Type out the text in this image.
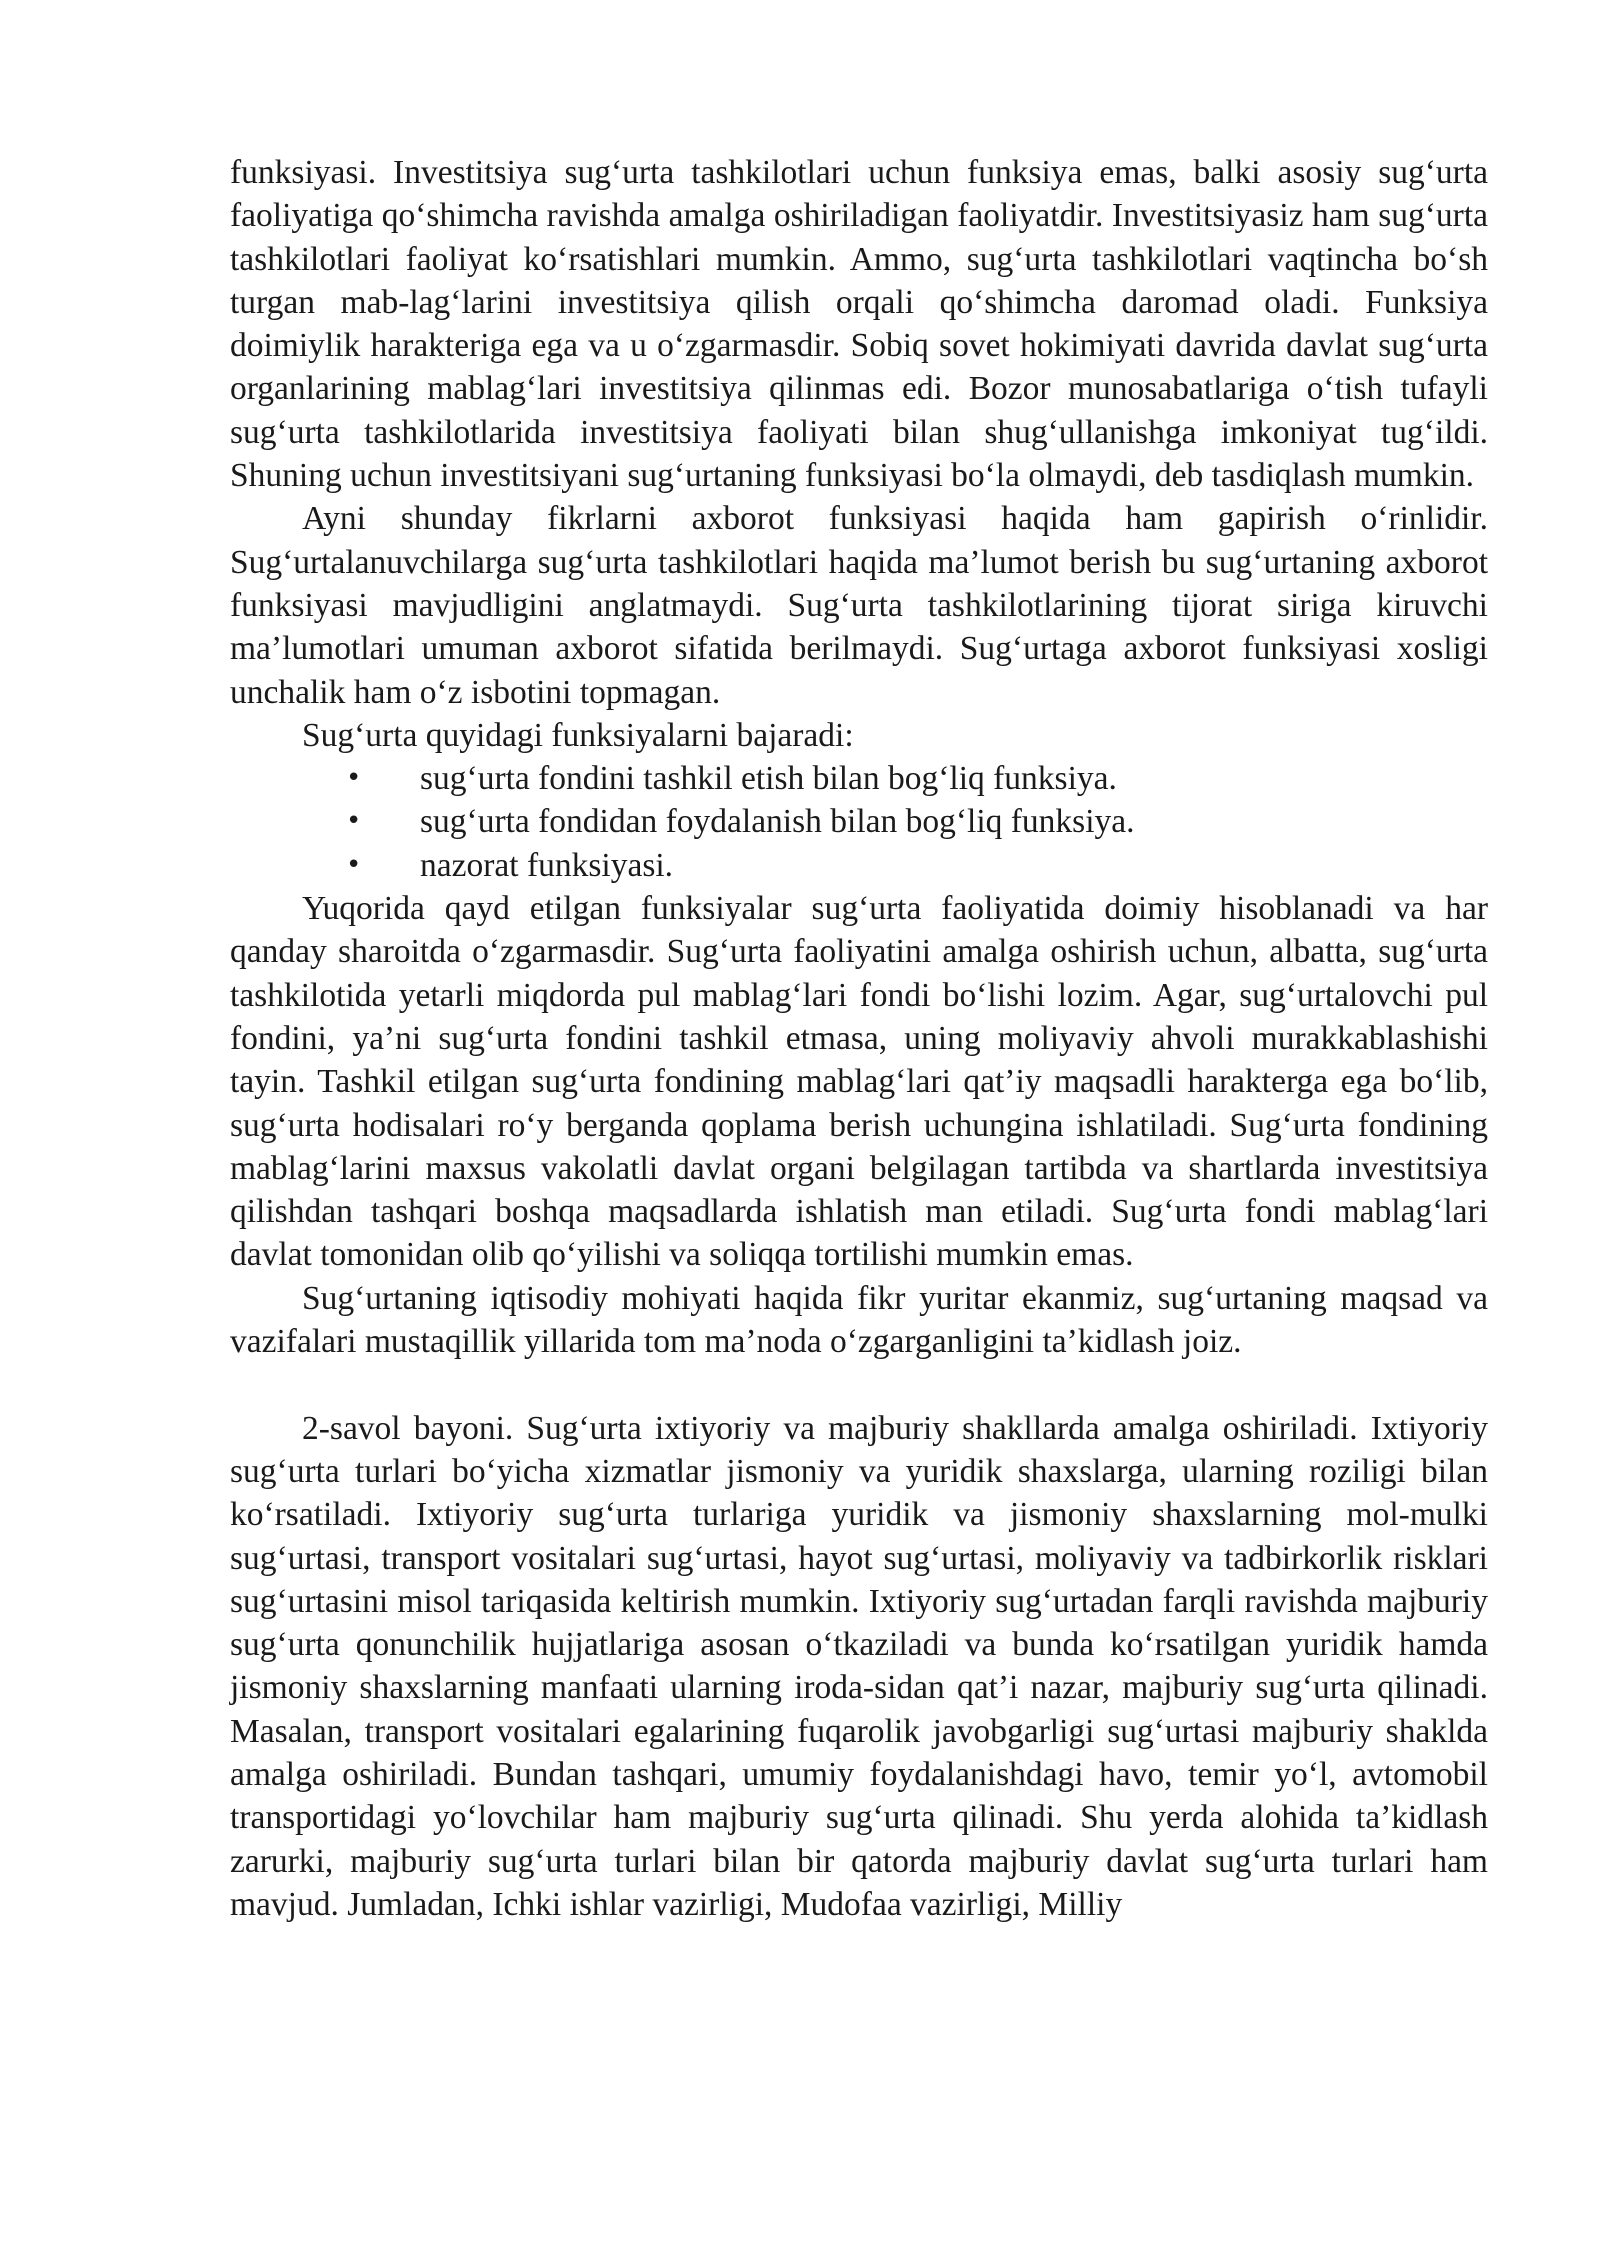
funksiyasi. Investitsiya sug‘urta tashkilotlari uchun funksiya emas, balki asosiy sug‘urta faoliyatiga qo‘shimcha ravishda amalga oshiriladigan faoliyatdir. Investitsiyasiz ham sug‘urta tashkilotlari faoliyat ko‘rsatishlari mumkin. Ammo, sug‘urta tashkilotlari vaqtincha bo‘sh turgan mab-lag‘larini investitsiya qilish orqali qo‘shimcha daromad oladi. Funksiya doimiylik harakteriga ega va u o‘zgarmasdir. Sobiq sovet hokimiyati davrida davlat sug‘urta organlarining mablag‘lari investitsiya qilinmas edi. Bozor munosabatlariga o‘tish tufayli sug‘urta tashkilotlarida investitsiya faoliyati bilan shug‘ullanishga imkoniyat tug‘ildi. Shuning uchun investitsiyani sug‘urtaning funksiyasi bo‘la olmaydi, deb tasdiqlash mumkin.

Ayni shunday fikrlarni axborot funksiyasi haqida ham gapirish o‘rinlidir. Sug‘urtalanuvchilarga sug‘urta tashkilotlari haqida ma’lumot berish bu sug‘urtaning axborot funksiyasi mavjudligini anglatmaydi. Sug‘urta tashkilotlarining tijorat siriga kiruvchi ma’lumotlari umuman axborot sifatida berilmaydi. Sug‘urtaga axborot funksiyasi xosligi unchalik ham o‘z isbotini topmagan.

Sug‘urta quyidagi funksiyalarni bajaradi:

• sug‘urta fondini tashkil etish bilan bog‘liq funksiya.
• sug‘urta fondidan foydalanish bilan bog‘liq funksiya.
• nazorat funksiyasi.

Yuqorida qayd etilgan funksiyalar sug‘urta faoliyatida doimiy hisoblanadi va har qanday sharoitda o‘zgarmasdir. Sug‘urta faoliyatini amalga oshirish uchun, albatta, sug‘urta tashkilotida yetarli miqdorda pul mablag‘lari fondi bo‘lishi lozim. Agar, sug‘urtalovchi pul fondini, ya’ni sug‘urta fondini tashkil etmasa, uning moliyaviy ahvoli murakkablashishi tayin. Tashkil etilgan sug‘urta fondining mablag‘lari qat’iy maqsadli harakterga ega bo‘lib, sug‘urta hodisalari ro‘y berganda qoplama berish uchungina ishlatiladi. Sug‘urta fondining mablag‘larini maxsus vakolatli davlat organi belgilagan tartibda va shartlarda investitsiya qilishdan tashqari boshqa maqsadlarda ishlatish man etiladi. Sug‘urta fondi mablag‘lari davlat tomonidan olib qo‘yilishi va soliqqa tortilishi mumkin emas.

Sug‘urtaning iqtisodiy mohiyati haqida fikr yuritar ekanmiz, sug‘urtaning maqsad va vazifalari mustaqillik yillarida tom ma’noda o‘zgarganligini ta’kidlash joiz.

2-savol bayoni. Sug‘urta ixtiyoriy va majburiy shakllarda amalga oshiriladi. Ixtiyoriy sug‘urta turlari bo‘yicha xizmatlar jismoniy va yuridik shaxslarga, ularning roziligi bilan ko‘rsatiladi. Ixtiyoriy sug‘urta turlariga yuridik va jismoniy shaxslarning mol-mulki sug‘urtasi, transport vositalari sug‘urtasi, hayot sug‘urtasi, moliyaviy va tadbirkorlik risklari sug‘urtasini misol tariqasida keltirish mumkin. Ixtiyoriy sug‘urtadan farqli ravishda majburiy sug‘urta qonunchilik hujjatlariga asosan o‘tkaziladi va bunda ko‘rsatilgan yuridik hamda jismoniy shaxslarning manfaati ularning iroda-sidan qat’i nazar, majburiy sug‘urta qilinadi. Masalan, transport vositalari egalarining fuqarolik javobgarligi sug‘urtasi majburiy shaklda amalga oshiriladi. Bundan tashqari, umumiy foydalanishdagi havo, temir yo‘l, avtomobil transportidagi yo‘lovchilar ham majburiy sug‘urta qilinadi. Shu yerda alohida ta’kidlash zarurki, majburiy sug‘urta turlari bilan bir qatorda majburiy davlat sug‘urta turlari ham mavjud. Jumladan, Ichki ishlar vazirligi, Mudofaa vazirligi, Milliy
